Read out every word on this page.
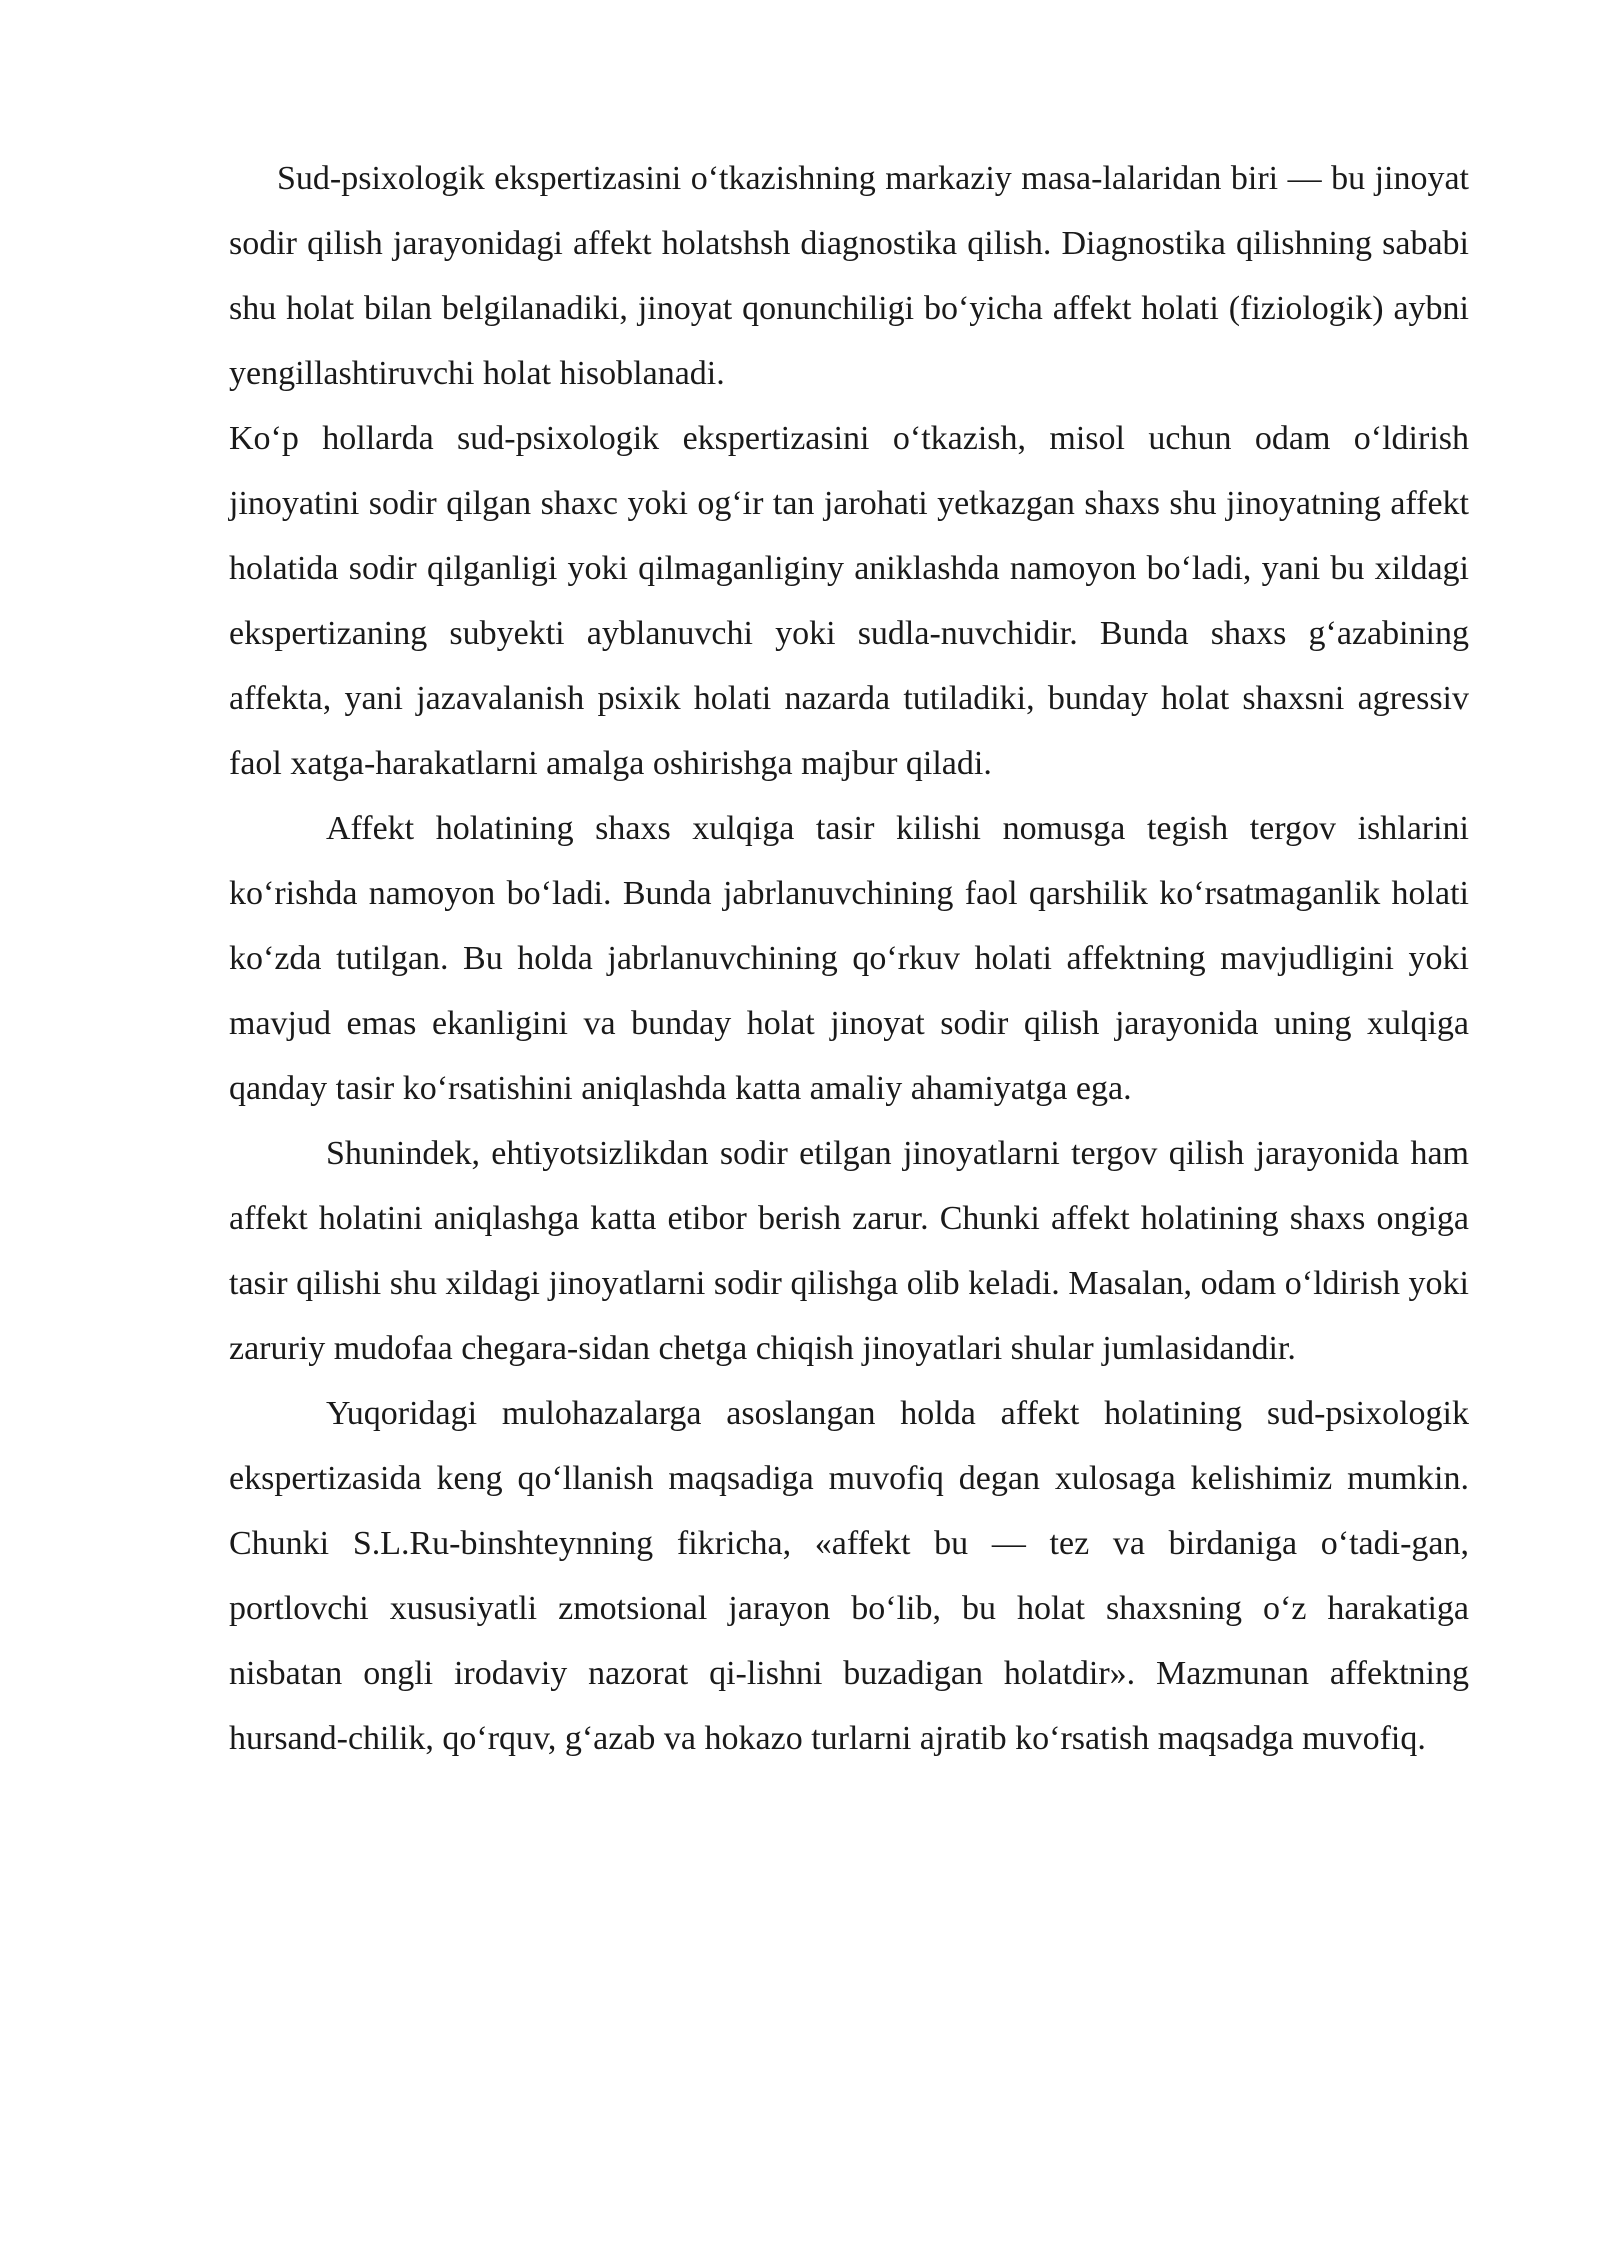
Sud-psixologik ekspertizasini o‘tkazishning markaziy masa-lalaridan biri — bu jinoyat sodir qilish jarayonidagi affekt holatshsh diagnostika qilish. Diagnostika qilishning sababi shu holat bilan belgilanadiki, jinoyat qonunchiligi bo‘yicha affekt holati (fiziologik) aybni yengillashtiruvchi holat hisoblanadi.

Ko‘p hollarda sud-psixologik ekspertizasini o‘tkazish, misol uchun odam o‘ldirish jinoyatini sodir qilgan shaxc yoki og‘ir tan jarohati yetkazgan shaxs shu jinoyatning affekt holatida sodir qilganligi yoki qilmaganliginy aniklashda namoyon bo‘ladi, yani bu xildagi ekspertizaning subyekti ayblanuvchi yoki sudla-nuvchidir. Bunda shaxs g‘azabining affekta, yani jazavalanish psixik holati nazarda tutiladiki, bunday holat shaxsni agressiv faol xatga-harakatlarni amalga oshirishga majbur qiladi.

Affekt holatining shaxs xulqiga tasir kilishi nomusga tegish tergov ishlarini ko‘rishda namoyon bo‘ladi. Bunda jabrlanuvchining faol qarshilik ko‘rsatmaganlik holati ko‘zda tutilgan. Bu holda jabrlanuvchining qo‘rkuv holati affektning mavjudligini yoki mavjud emas ekanligini va bunday holat jinoyat sodir qilish jarayonida uning xulqiga qanday tasir ko‘rsatishini aniqlashda katta amaliy ahamiyatga ega.

Shunindek, ehtiyotsizlikdan sodir etilgan jinoyatlarni tergov qilish jarayonida ham affekt holatini aniqlashga katta etibor berish zarur. Chunki affekt holatining shaxs ongiga tasir qilishi shu xildagi jinoyatlarni sodir qilishga olib keladi. Masalan, odam o‘ldirish yoki zaruriy mudofaa chegara-sidan chetga chiqish jinoyatlari shular jumlasidandir.

Yuqoridagi mulohazalarga asoslangan holda affekt holatining sud-psixologik ekspertizasida keng qo‘llanish maqsadiga muvofiq degan xulosaga kelishimiz mumkin. Chunki S.L.Ru-binshteynning fikricha, «affekt bu — tez va birdaniga o‘tadi-gan, portlovchi xususiyatli zmotsional jarayon bo‘lib, bu holat shaxsning o‘z harakatiga nisbatan ongli irodaviy nazorat qi-lishni buzadigan holatdir». Mazmunan affektning hursand-chilik, qo‘rquv, g‘azab va hokazo turlarni ajratib ko‘rsatish maqsadga muvofiq.
